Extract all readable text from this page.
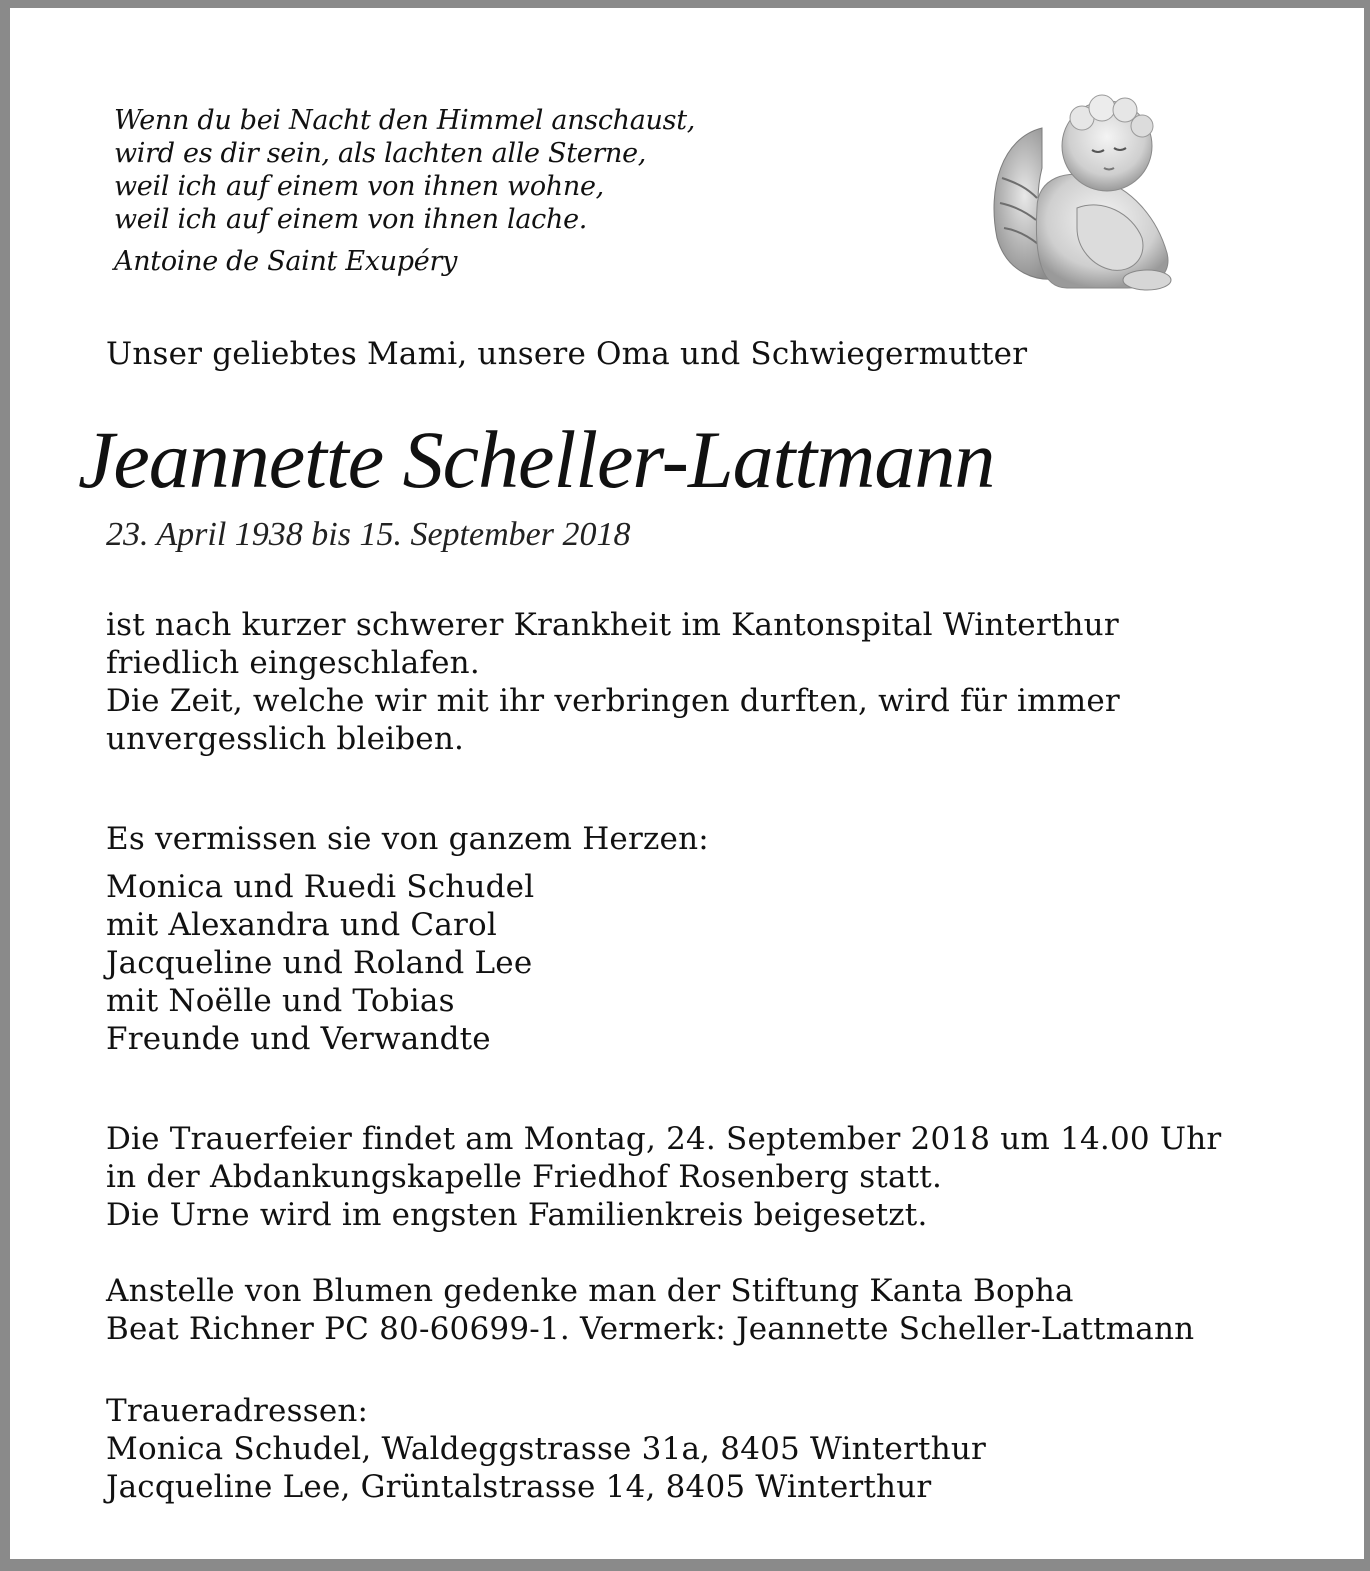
Wenn du bei Nacht den Himmel anschaust,
wird es dir sein, als lachten alle Sterne,
weil ich auf einem von ihnen wohne,
weil ich auf einem von ihnen lache.
Antoine de Saint Exupéry
Unser geliebtes Mami, unsere Oma und Schwiegermutter
Jeannette Scheller-Lattmann
23. April 1938 bis 15. September 2018
ist nach kurzer schwerer Krankheit im Kantonspital Winterthur
friedlich eingeschlafen.
Die Zeit, welche wir mit ihr verbringen durften, wird für immer
unvergesslich bleiben.
Es vermissen sie von ganzem Herzen:
Monica und Ruedi Schudel
mit Alexandra und Carol
Jacqueline und Roland Lee
mit Noëlle und Tobias
Freunde und Verwandte
Die Trauerfeier findet am Montag, 24. September 2018 um 14.00 Uhr
in der Abdankungskapelle Friedhof Rosenberg statt.
Die Urne wird im engsten Familienkreis beigesetzt.
Anstelle von Blumen gedenke man der Stiftung Kanta Bopha
Beat Richner PC 80-60699-1. Vermerk: Jeannette Scheller-Lattmann
Traueradressen:
Monica Schudel, Waldeggstrasse 31a, 8405 Winterthur
Jacqueline Lee, Grüntalstrasse 14, 8405 Winterthur
